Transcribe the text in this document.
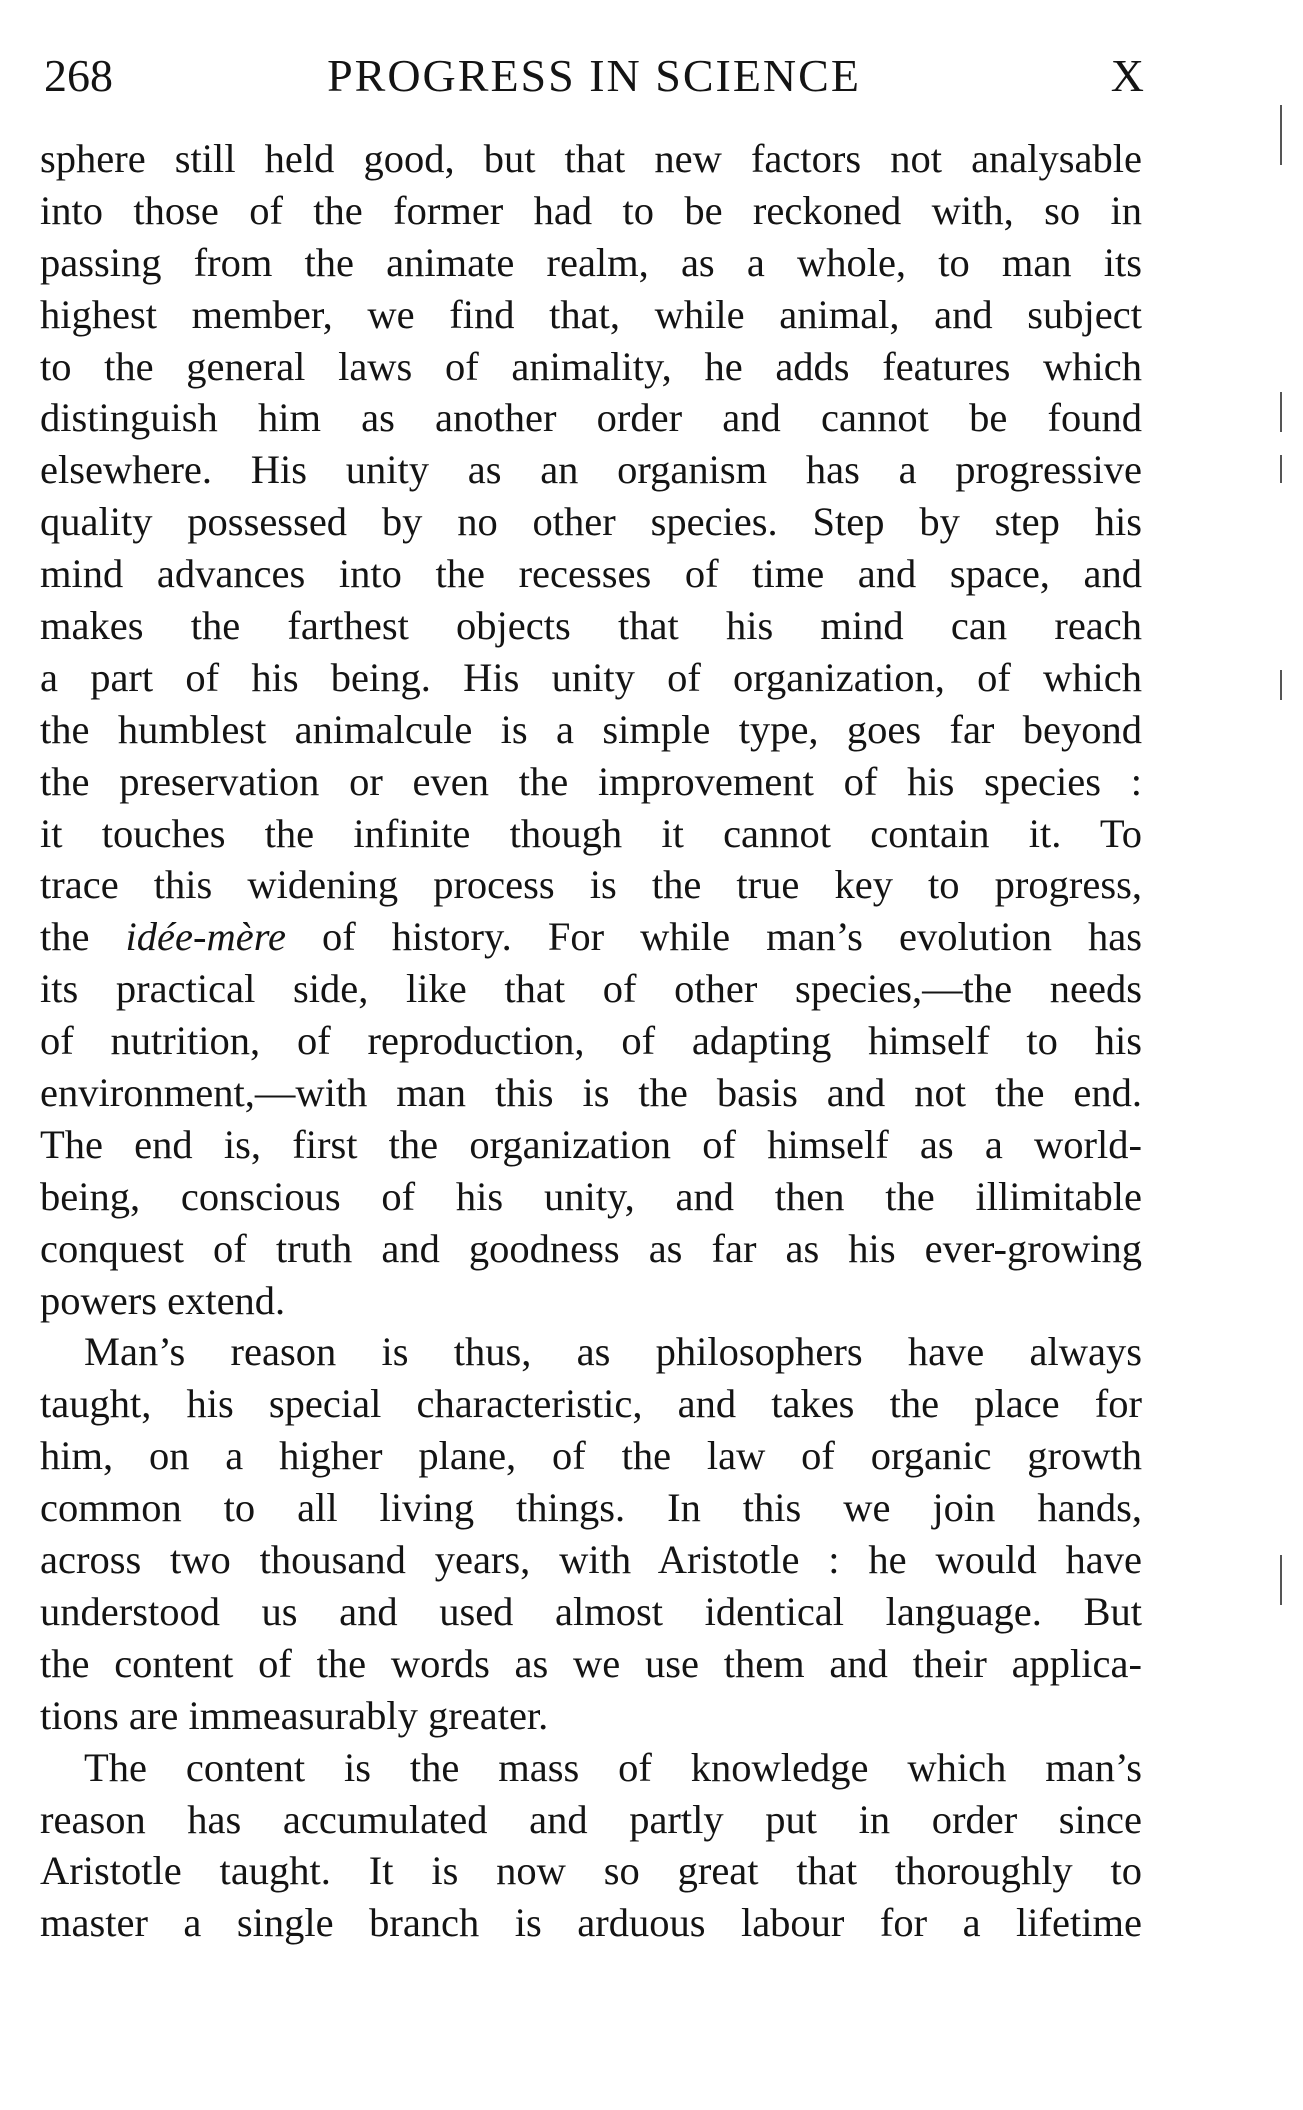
268	PROGRESS IN SCIENCE	X
sphere still held good, but that new factors not analysable
into those of the former had to be reckoned with, so in
passing from the animate realm, as a whole, to man its
highest member, we find that, while animal, and subject
to the general laws of animality, he adds features which
distinguish him as another order and cannot be found
elsewhere. His unity as an organism has a progressive
quality possessed by no other species. Step by step his
mind advances into the recesses of time and space, and
makes the farthest objects that his mind can reach
a part of his being. His unity of organization, of which
the humblest animalcule is a simple type, goes far beyond
the preservation or even the improvement of his species :
it touches the infinite though it cannot contain it. To
trace this widening process is the true key to progress,
the idée-mère of history. For while man’s evolution has
its practical side, like that of other species,—the needs
of nutrition, of reproduction, of adapting himself to his
environment,—with man this is the basis and not the end.
The end is, first the organization of himself as a world-
being, conscious of his unity, and then the illimitable
conquest of truth and goodness as far as his ever-growing
powers extend.
Man’s reason is thus, as philosophers have always
taught, his special characteristic, and takes the place for
him, on a higher plane, of the law of organic growth
common to all living things. In this we join hands,
across two thousand years, with Aristotle : he would have
understood us and used almost identical language. But
the content of the words as we use them and their applica-
tions are immeasurably greater.
The content is the mass of knowledge which man’s
reason has accumulated and partly put in order since
Aristotle taught. It is now so great that thoroughly to
master a single branch is arduous labour for a lifetime
